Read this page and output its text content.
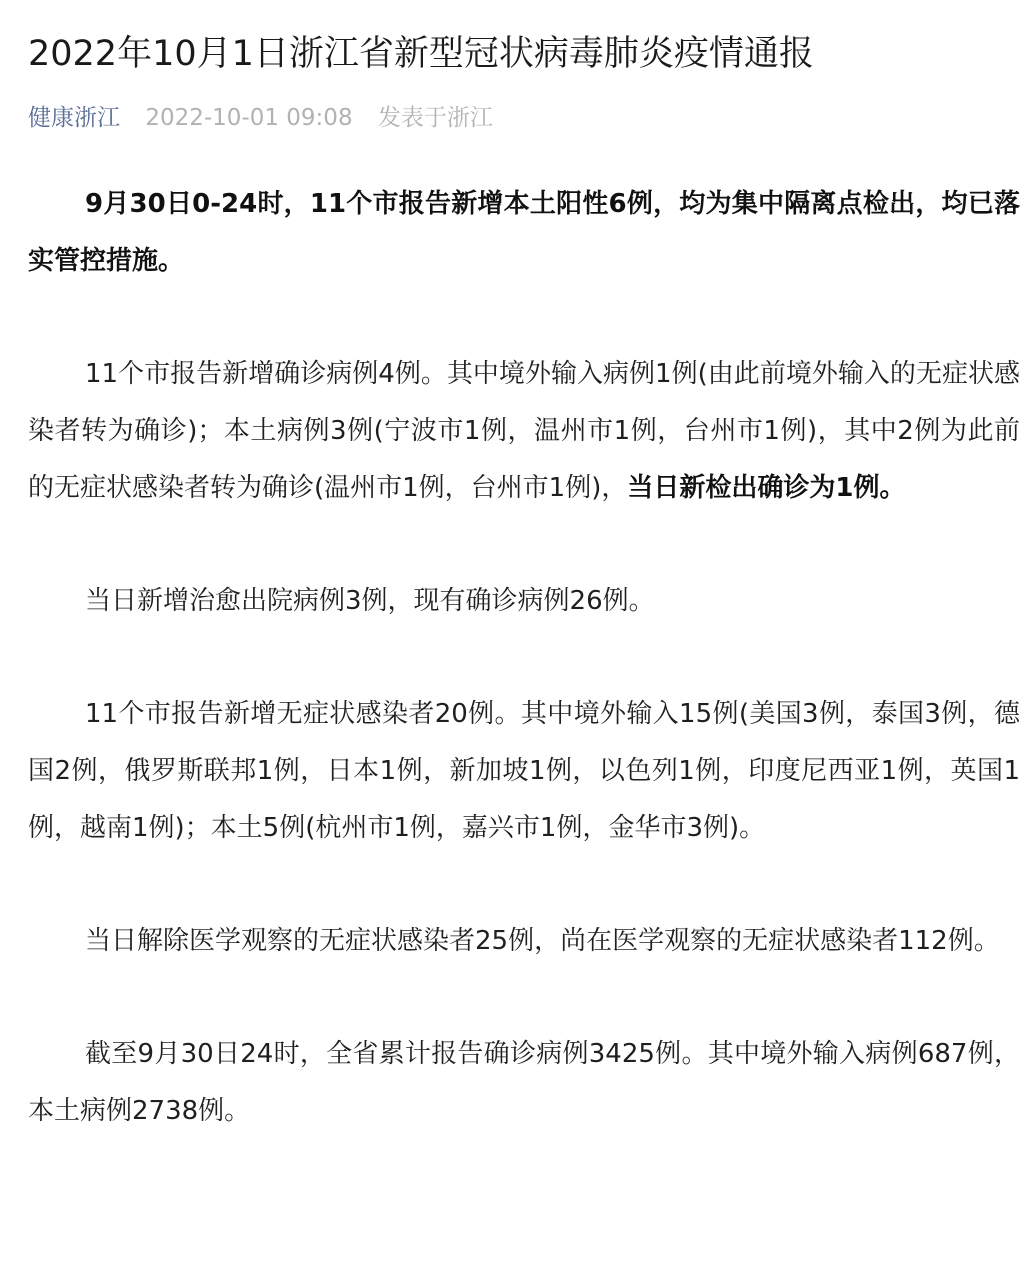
2022年10月1日浙江省新型冠状病毒肺炎疫情通报
健康浙江 2022-10-01 09:08 发表于浙江

9月30日0-24时，11个市报告新增本土阳性6例，均为集中隔离点检出，均已落实管控措施。

11个市报告新增确诊病例4例。其中境外输入病例1例(由此前境外输入的无症状感染者转为确诊)；本土病例3例(宁波市1例，温州市1例，台州市1例)，其中2例为此前的无症状感染者转为确诊(温州市1例，台州市1例)，当日新检出确诊为1例。

当日新增治愈出院病例3例，现有确诊病例26例。

11个市报告新增无症状感染者20例。其中境外输入15例(美国3例，泰国3例，德国2例，俄罗斯联邦1例，日本1例，新加坡1例，以色列1例，印度尼西亚1例，英国1例，越南1例)；本土5例(杭州市1例，嘉兴市1例，金华市3例)。

当日解除医学观察的无症状感染者25例，尚在医学观察的无症状感染者112例。

截至9月30日24时，全省累计报告确诊病例3425例。其中境外输入病例687例，本土病例2738例。
